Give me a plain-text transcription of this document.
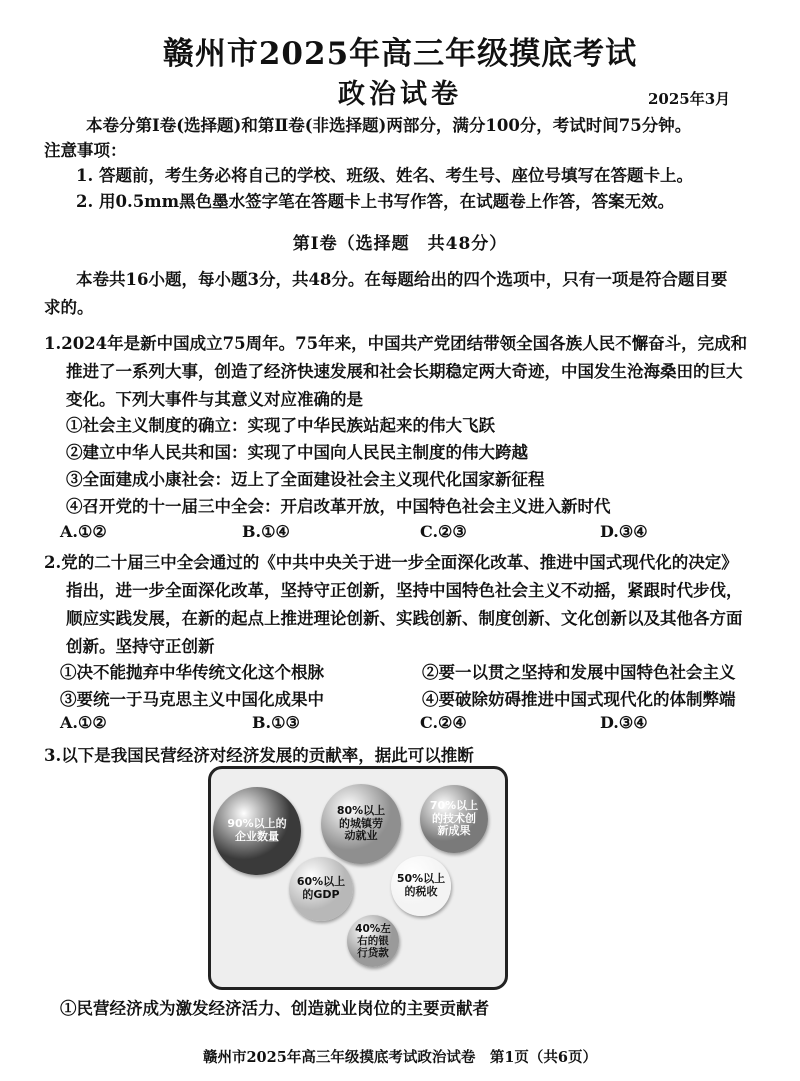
赣州市2025年高三年级摸底考试
政治试卷	2025年3月
本卷分第Ⅰ卷(选择题)和第Ⅱ卷(非选择题)两部分，满分100分，考试时间75分钟。
注意事项：
1. 答题前，考生务必将自己的学校、班级、姓名、考生号、座位号填写在答题卡上。
2. 用0.5mm黑色墨水签字笔在答题卡上书写作答，在试题卷上作答，答案无效。
第Ⅰ卷（选择题　共48分）
本卷共16小题，每小题3分，共48分。在每题给出的四个选项中，只有一项是符合题目要
求的。
1.2024年是新中国成立75周年。75年来，中国共产党团结带领全国各族人民不懈奋斗，完成和
推进了一系列大事，创造了经济快速发展和社会长期稳定两大奇迹，中国发生沧海桑田的巨大
变化。下列大事件与其意义对应准确的是
①社会主义制度的确立：实现了中华民族站起来的伟大飞跃
②建立中华人民共和国：实现了中国向人民民主制度的伟大跨越
③全面建成小康社会：迈上了全面建设社会主义现代化国家新征程
④召开党的十一届三中全会：开启改革开放，中国特色社会主义进入新时代
A.①②	B.①④	C.②③	D.③④
2.党的二十届三中全会通过的《中共中央关于进一步全面深化改革、推进中国式现代化的决定》
指出，进一步全面深化改革，坚持守正创新，坚持中国特色社会主义不动摇，紧跟时代步伐，
顺应实践发展，在新的起点上推进理论创新、实践创新、制度创新、文化创新以及其他各方面
创新。坚持守正创新
①决不能抛弃中华传统文化这个根脉	②要一以贯之坚持和发展中国特色社会主义
③要统一于马克思主义中国化成果中	④要破除妨碍推进中国式现代化的体制弊端
A.①②	B.①③	C.②④	D.③④
3.以下是我国民营经济对经济发展的贡献率，据此可以推断
90%以上的
企业数量
80%以上
的城镇劳
动就业
70%以上
的技术创
新成果
60%以上
的GDP
50%以上
的税收
40%左
右的银
行贷款
①民营经济成为激发经济活力、创造就业岗位的主要贡献者
赣州市2025年高三年级摸底考试政治试卷　第1页（共6页）
